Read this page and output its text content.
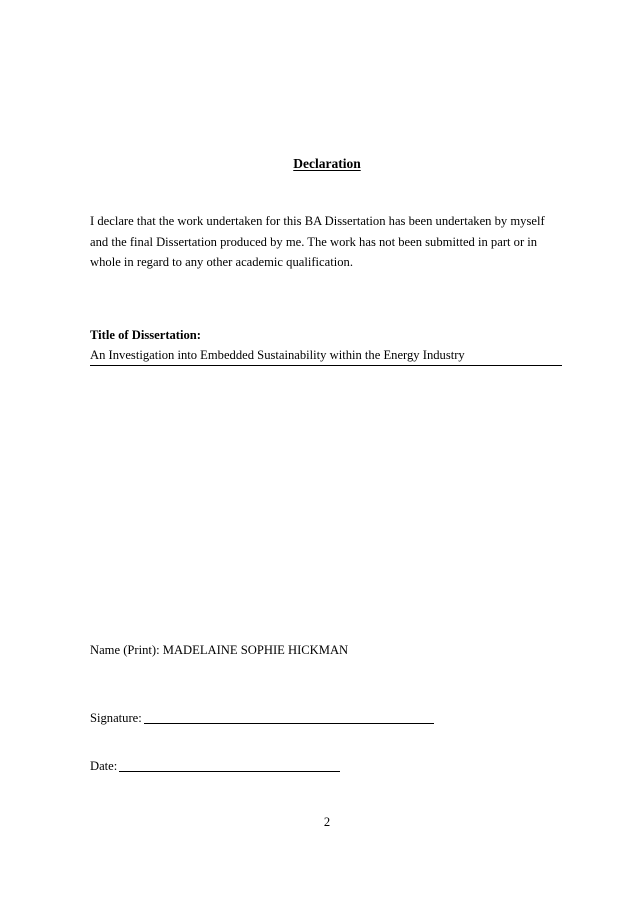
Declaration
I declare that the work undertaken for this BA Dissertation has been undertaken by myself
and the final Dissertation produced by me. The work has not been submitted in part or in
whole in regard to any other academic qualification.
Title of Dissertation:
An Investigation into Embedded Sustainability within the Energy Industry
Name (Print): MADELAINE SOPHIE HICKMAN
Signature:
Date:
2
